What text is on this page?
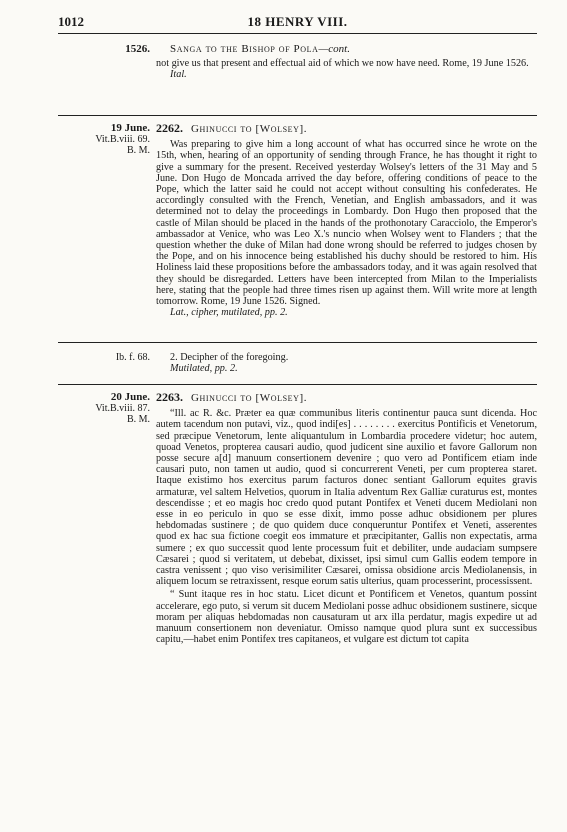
1012	18 HENRY VIII.
1526.	Sanga to the Bishop of Pola—cont.

not give us that present and effectual aid of which we now have need. Rome, 19 June 1526.

Ital.

19 June.
Vit.B.viii. 69.
B. M.

2262. Ghinucci to [Wolsey].

Was preparing to give him a long account of what has occurred since he wrote on the 15th, when, hearing of an opportunity of sending through France, he has thought it right to give a summary for the present. Received yesterday Wolsey's letters of the 31 May and 5 June. Don Hugo de Moncada arrived the day before, offering conditions of peace to the Pope, which the latter said he could not accept without consulting his confederates. He accordingly consulted with the French, Venetian, and English ambassadors, and it was determined not to delay the proceedings in Lombardy. Don Hugo then proposed that the castle of Milan should be placed in the hands of the prothonotary Caracciolo, the Emperor's ambassador at Venice, who was Leo X.'s nuncio when Wolsey went to Flanders ; that the question whether the duke of Milan had done wrong should be referred to judges chosen by the Pope, and on his innocence being established his duchy should be restored to him. His Holiness laid these propositions before the ambassadors today, and it was again resolved that they should be disregarded. Letters have been intercepted from Milan to the Imperialists here, stating that the people had three times risen up against them. Will write more at length tomorrow. Rome, 19 June 1526. Signed.

Lat., cipher, mutilated, pp. 2.

Ib. f. 68.	2. Decipher of the foregoing.

Mutilated, pp. 2.

20 June.
Vit.B.viii. 87.
B. M.

2263. Ghinucci to [Wolsey].

“Ill. ac R. &c. Præter ea quæ communibus literis continentur pauca sunt dicenda. Hoc autem tacendum non putavi, viz., quod indi[es] . . . . . . . . exercitus Pontificis et Venetorum, sed præcipue Venetorum, lente aliquantulum in Lombardia procedere videtur; hoc autem, quoad Venetos, propterea causari audio, quod judicent sine auxilio et favore Gallorum non posse secure a[d] manuum consertionem devenire ; quo vero ad Pontificem etiam inde causari puto, non tamen ut audio, quod si concurrerent Veneti, per cum propterea staret. Itaque existimo hos exercitus parum facturos donec sentiant Gallorum equites gravis armaturæ, vel saltem Helvetios, quorum in Italia adventum Rex Galliæ curaturus est, montes descendisse ; et eo magis hoc credo quod putant Pontifex et Veneti ducem Mediolani non esse in eo periculo in quo se esse dixit, immo posse adhuc obsidionem per plures hebdomadas sustinere ; de quo quidem duce conqueruntur Pontifex et Veneti, asserentes quod ex hac sua fictione coegit eos immature et præcipitanter, Gallis non expectatis, arma sumere ; ex quo successit quod lente processum fuit et debiliter, unde audaciam sumpsere Cæsarei ; quod si veritatem, ut debebat, dixisset, ipsi simul cum Gallis eodem tempore in castra venissent ; quo viso verisimiliter Cæsarei, omissa obsidione arcis Mediolanensis, in aliquem locum se retraxissent, resque eorum satis ulterius, quam processerint, processissent.

“ Sunt itaque res in hoc statu. Licet dicunt et Pontificem et Venetos, quantum possint accelerare, ego puto, si verum sit ducem Mediolani posse adhuc obsidionem sustinere, sicque moram per aliquas hebdomadas non causaturam ut arx illa perdatur, magis expedire ut ad manuum consertionem non deveniatur. Omisso namque quod plura sunt ex successibus capitu,—habet enim Pontifex tres capitaneos, et vulgare est dictum tot capita
